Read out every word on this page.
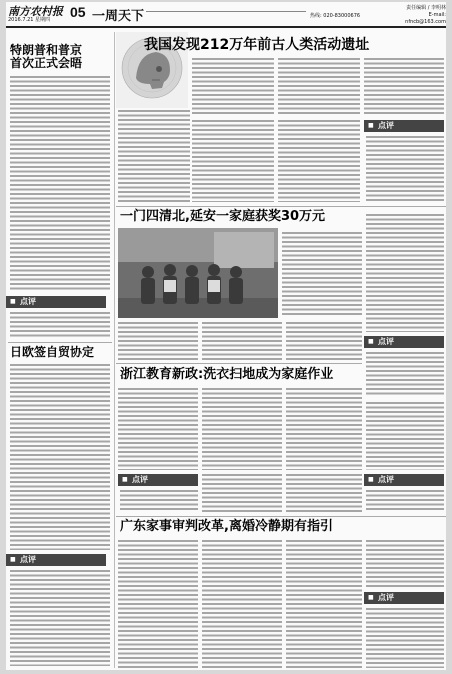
南方农村报
2016.7.21 星期四 05 一周天下	热线: 020-83000676
责任编辑 / 李明林
E-mail: nfncb@163.com
特朗普和普京
首次正式会晤
■ 点评
日欧签自贸协定
■ 点评
我国发现212万年前古人类活动遗址
■ 点评
一门四清北,延安一家庭获奖30万元
■ 点评
浙江教育新政:洗衣扫地成为家庭作业
■ 点评
■	点评
广东家事审判改革,离婚冷静期有指引
■ 点评
